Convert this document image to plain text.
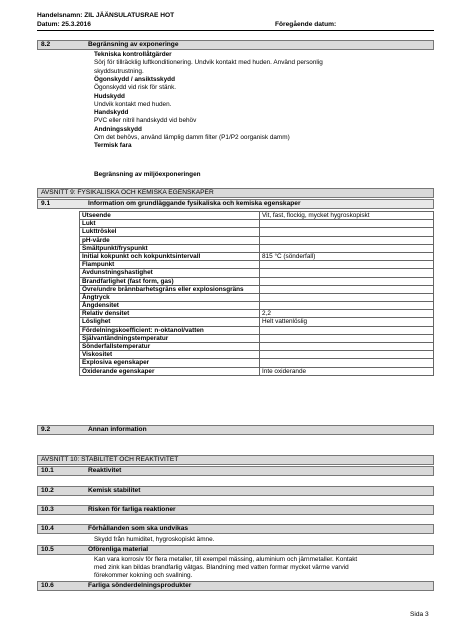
Handelsnamn: ZIL JÄÄNSULATUSRAE HOT
Datum: 25.3.2016	Föregående datum:
8.2	Begränsning av exponeringe
Tekniska kontrollåtgärder
Sörj för tillräcklig luftkonditionering. Undvik kontakt med huden. Använd personlig
skyddsutrustning.
Ögonskydd / ansiktsskydd
Ögonskydd vid risk för stänk.
Hudskydd
Undvik kontakt med huden.
Handskydd
PVC eller nitril handskydd vid behöv
Andningsskydd
Om det behövs, använd lämplig damm filter (P1/P2 oorganisk damm)
Termisk fara
Begränsning av miljöexponeringen
AVSNITT 9: FYSIKALISKA OCH KEMISKA EGENSKAPER
9.1	Information om grundläggande fysikaliska och kemiska egenskaper
Utseende	Vit, fast, flockig, mycket hygroskopiskt
Lukt	
Lukttröskel	
pH-värde	
Smältpunkt/fryspunkt	
Initial kokpunkt och kokpunktsintervall	815 °C (sönderfall)
Flampunkt	
Avdunstningshastighet	
Brandfarlighet (fast form, gas)	
Övre/undre brännbarhetsgräns eller explosionsgräns	
Ångtryck	
Ångdensitet	
Relativ densitet	2,2
Löslighet	Helt vattenlöslig
Fördelningskoefficient: n-oktanol/vatten	
Självantändningstemperatur	
Sönderfallstemperatur	
Viskositet	
Explosiva egenskaper	
Oxiderande egenskaper	Inte oxiderande
9.2	Annan information
AVSNITT 10: STABILITET OCH REAKTIVITET
10.1	Reaktivitet
10.2	Kemisk stabilitet
10.3	Risken för farliga reaktioner
10.4	Förhållanden som ska undvikas
10.5	Oförenliga material
10.6	Farliga sönderdelningsprodukter
Skydd från humiditet, hygroskopiskt ämne.
Kan vara korrosiv för flera metaller, till exempel mässing, aluminium och järnmetaller. Kontakt
med zink kan bildas brandfarlig vätgas. Blandning med vatten formar mycket värme varvid
förekommer kokning och svallning.
Sida 3
